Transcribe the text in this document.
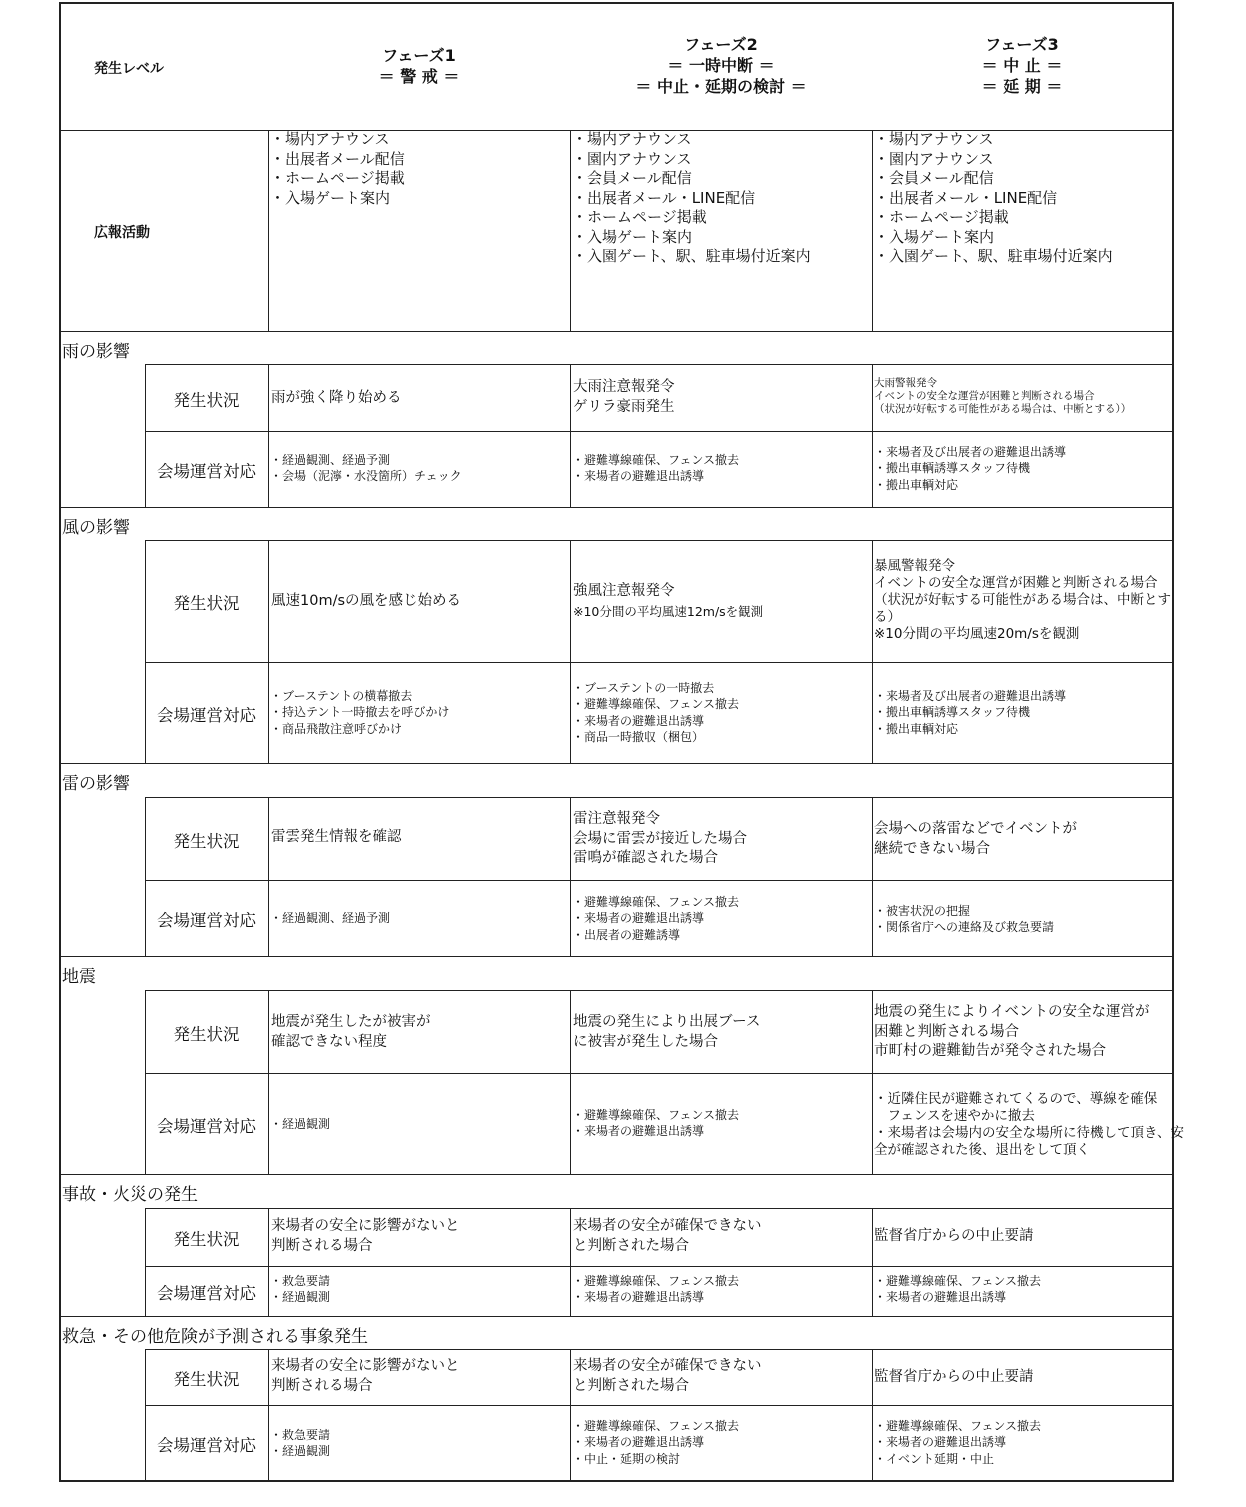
発生レベル
フェーズ1
＝ 警 戒 ＝
フェーズ2
＝ 一時中断 ＝
＝ 中止・延期の検討 ＝
フェーズ3
＝ 中 止 ＝
＝ 延 期 ＝
広報活動
・場内アナウンス
・出展者メール配信
・ホームページ掲載
・入場ゲート案内
・場内アナウンス
・園内アナウンス
・会員メール配信
・出展者メール・LINE配信
・ホームページ掲載
・入場ゲート案内
・入園ゲート、駅、駐車場付近案内
・場内アナウンス
・園内アナウンス
・会員メール配信
・出展者メール・LINE配信
・ホームページ掲載
・入場ゲート案内
・入園ゲート、駅、駐車場付近案内
雨の影響
発生状況
会場運営対応
雨が強く降り始める
大雨注意報発令
ゲリラ豪雨発生
大雨警報発令
イベントの安全な運営が困難と判断される場合
（状況が好転する可能性がある場合は、中断とする））
・経過観測、経過予測
・会場（泥濘・水没箇所）チェック
・避難導線確保、フェンス撤去
・来場者の避難退出誘導
・来場者及び出展者の避難退出誘導
・搬出車輌誘導スタッフ待機
・搬出車輌対応
風の影響
発生状況
会場運営対応
風速10m/sの風を感じ始める
強風注意報発令
※10分間の平均風速12m/sを観測
暴風警報発令
イベントの安全な運営が困難と判断される場合
（状況が好転する可能性がある場合は、中断とす
る）
※10分間の平均風速20m/sを観測
・ブーステントの横幕撤去
・持込テント一時撤去を呼びかけ
・商品飛散注意呼びかけ
・ブーステントの一時撤去
・避難導線確保、フェンス撤去
・来場者の避難退出誘導
・商品一時撤収（梱包）
・来場者及び出展者の避難退出誘導
・搬出車輌誘導スタッフ待機
・搬出車輌対応
雷の影響
発生状況
会場運営対応
雷雲発生情報を確認
雷注意報発令
会場に雷雲が接近した場合
雷鳴が確認された場合
会場への落雷などでイベントが
継続できない場合
・経過観測、経過予測
・避難導線確保、フェンス撤去
・来場者の避難退出誘導
・出展者の避難誘導
・被害状況の把握
・関係省庁への連絡及び救急要請
地震
発生状況
会場運営対応
地震が発生したが被害が
確認できない程度
地震の発生により出展ブース
に被害が発生した場合
地震の発生によりイベントの安全な運営が
困難と判断される場合
市町村の避難勧告が発令された場合
・経過観測
・避難導線確保、フェンス撤去
・来場者の避難退出誘導
・近隣住民が避難されてくるので、導線を確保
　フェンスを速やかに撤去
・来場者は会場内の安全な場所に待機して頂き、安
全が確認された後、退出をして頂く
事故・火災の発生
発生状況
会場運営対応
来場者の安全に影響がないと
判断される場合
来場者の安全が確保できない
と判断された場合
監督省庁からの中止要請
・救急要請
・経過観測
・避難導線確保、フェンス撤去
・来場者の避難退出誘導
・避難導線確保、フェンス撤去
・来場者の避難退出誘導
救急・その他危険が予測される事象発生
発生状況
会場運営対応
来場者の安全に影響がないと
判断される場合
来場者の安全が確保できない
と判断された場合
監督省庁からの中止要請
・救急要請
・経過観測
・避難導線確保、フェンス撤去
・来場者の避難退出誘導
・中止・延期の検討
・避難導線確保、フェンス撤去
・来場者の避難退出誘導
・イベント延期・中止
